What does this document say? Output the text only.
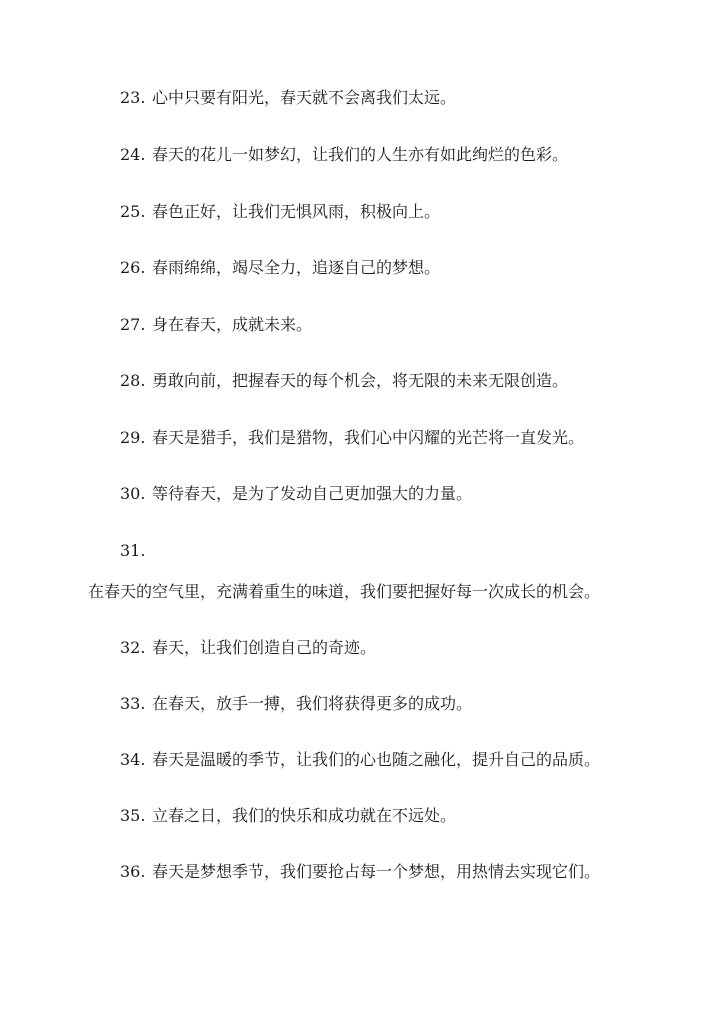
23. 心中只要有阳光，春天就不会离我们太远。
24. 春天的花儿一如梦幻，让我们的人生亦有如此绚烂的色彩。
25. 春色正好，让我们无惧风雨，积极向上。
26. 春雨绵绵，竭尽全力，追逐自己的梦想。
27. 身在春天，成就未来。
28. 勇敢向前，把握春天的每个机会，将无限的未来无限创造。
29. 春天是猎手，我们是猎物，我们心中闪耀的光芒将一直发光。
30. 等待春天，是为了发动自己更加强大的力量。
31.
在春天的空气里，充满着重生的味道，我们要把握好每一次成长的机会。
32. 春天，让我们创造自己的奇迹。
33. 在春天，放手一搏，我们将获得更多的成功。
34. 春天是温暖的季节，让我们的心也随之融化，提升自己的品质。
35. 立春之日，我们的快乐和成功就在不远处。
36. 春天是梦想季节，我们要抢占每一个梦想，用热情去实现它们。
